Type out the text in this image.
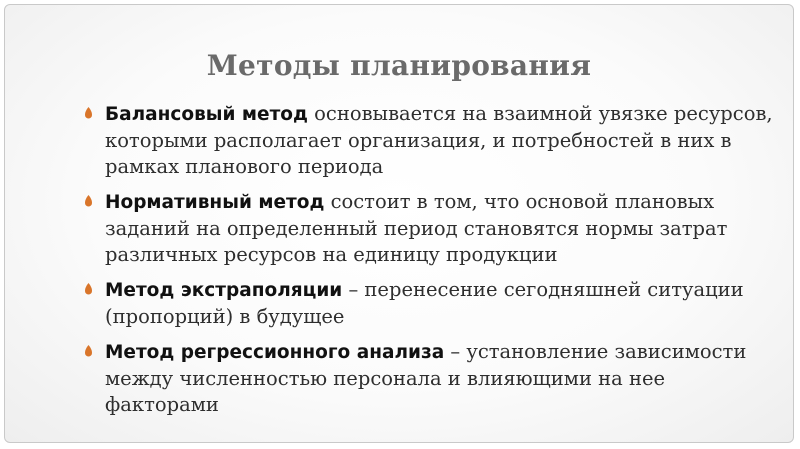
Методы планирования
Балансовый метод основывается на взаимной увязке ресурсов, которыми располагает организация, и потребностей в них в рамках планового периода
Нормативный метод состоит в том, что основой плановых заданий на определенный период становятся нормы затрат различных ресурсов на единицу продукции
Метод экстраполяции – перенесение сегодняшней ситуации (пропорций) в будущее
Метод регрессионного анализа – установление зависимости между численностью персонала и влияющими на нее факторами
